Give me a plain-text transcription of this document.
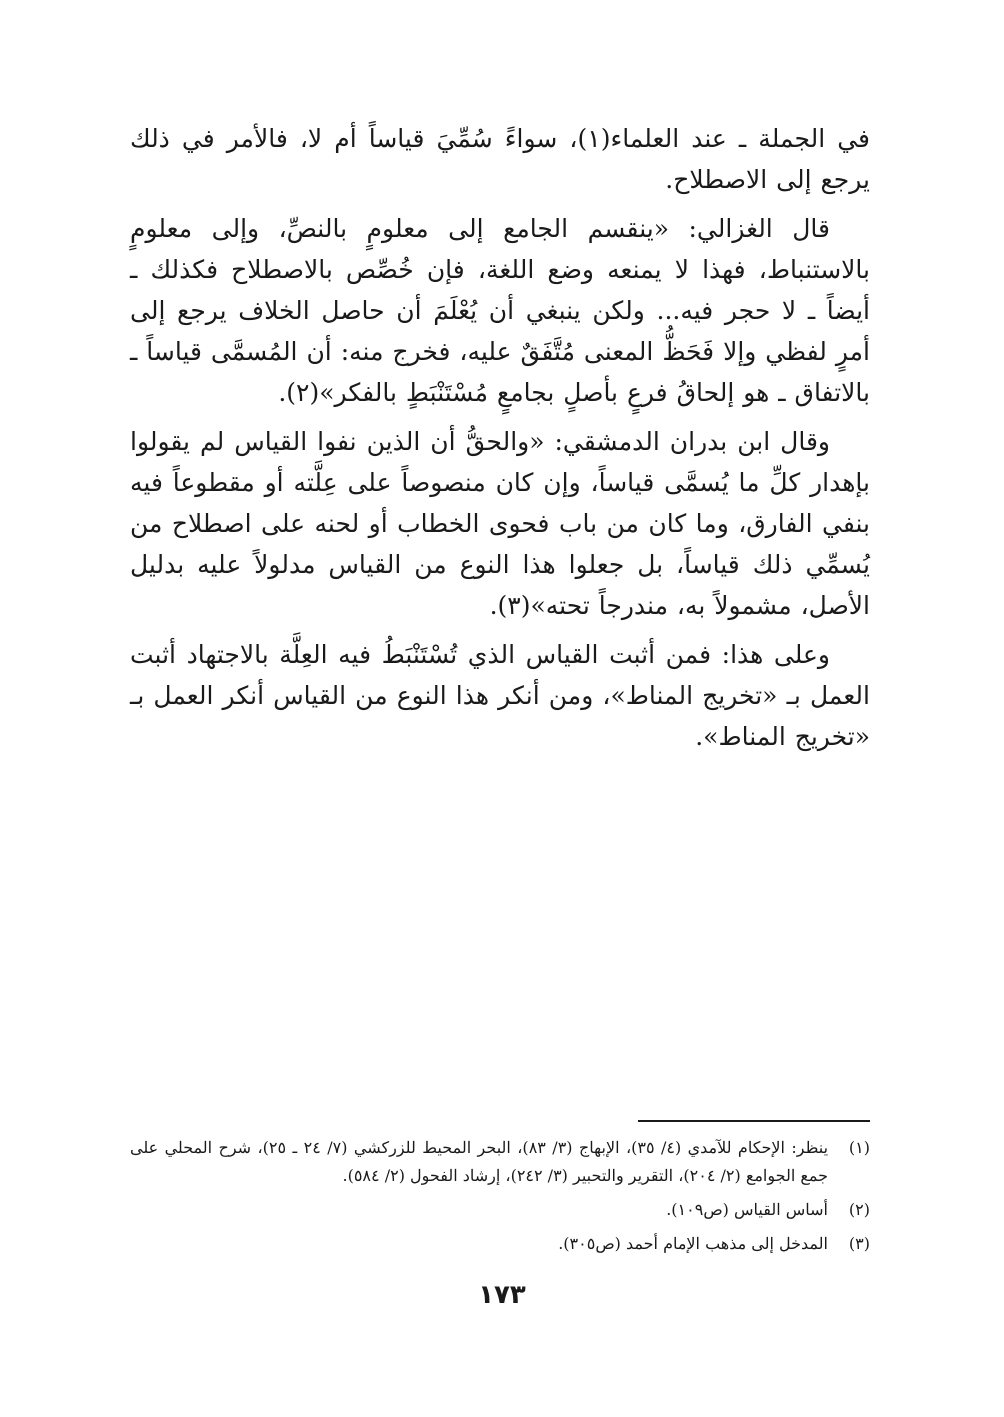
في الجملة ـ عند العلماء(١)، سواءً سُمِّيَ قياساً أم لا، فالأمر في ذلك يرجع إلى الاصطلاح.

قال الغزالي: «ينقسم الجامع إلى معلومٍ بالنصِّ، وإلى معلومٍ بالاستنباط، فهذا لا يمنعه وضع اللغة، فإن خُصِّص بالاصطلاح فكذلك ـ أيضاً ـ لا حجر فيه... ولكن ينبغي أن يُعْلَمَ أن حاصل الخلاف يرجع إلى أمرٍ لفظي وإلا فَحَظُّ المعنى مُتَّفَقٌ عليه، فخرج منه: أن المُسمَّى قياساً ـ بالاتفاق ـ هو إلحاقُ فرعٍ بأصلٍ بجامعٍ مُسْتَنْبَطٍ بالفكر»(٢).

وقال ابن بدران الدمشقي: «والحقُّ أن الذين نفوا القياس لم يقولوا بإهدار كلِّ ما يُسمَّى قياساً، وإن كان منصوصاً على عِلَّته أو مقطوعاً فيه بنفي الفارق، وما كان من باب فحوى الخطاب أو لحنه على اصطلاح من يُسمِّي ذلك قياساً، بل جعلوا هذا النوع من القياس مدلولاً عليه بدليل الأصل، مشمولاً به، مندرجاً تحته»(٣).

وعلى هذا: فمن أثبت القياس الذي تُسْتَنْبَطُ فيه العِلَّة بالاجتهاد أثبت العمل بـ «تخريج المناط»، ومن أنكر هذا النوع من القياس أنكر العمل بـ «تخريج المناط».

(١)
ينظر: الإحكام للآمدي (٤/ ٣٥)، الإبهاج (٣/ ٨٣)، البحر المحيط للزركشي (٧/ ٢٤ ـ ٢٥)، شرح المحلي على جمع الجوامع (٢/ ٢٠٤)، التقرير والتحبير (٣/ ٢٤٢)، إرشاد الفحول (٢/ ٥٨٤).
(٢)
أساس القياس (ص١٠٩).
(٣)
المدخل إلى مذهب الإمام أحمد (ص٣٠٥).
١٧٣
